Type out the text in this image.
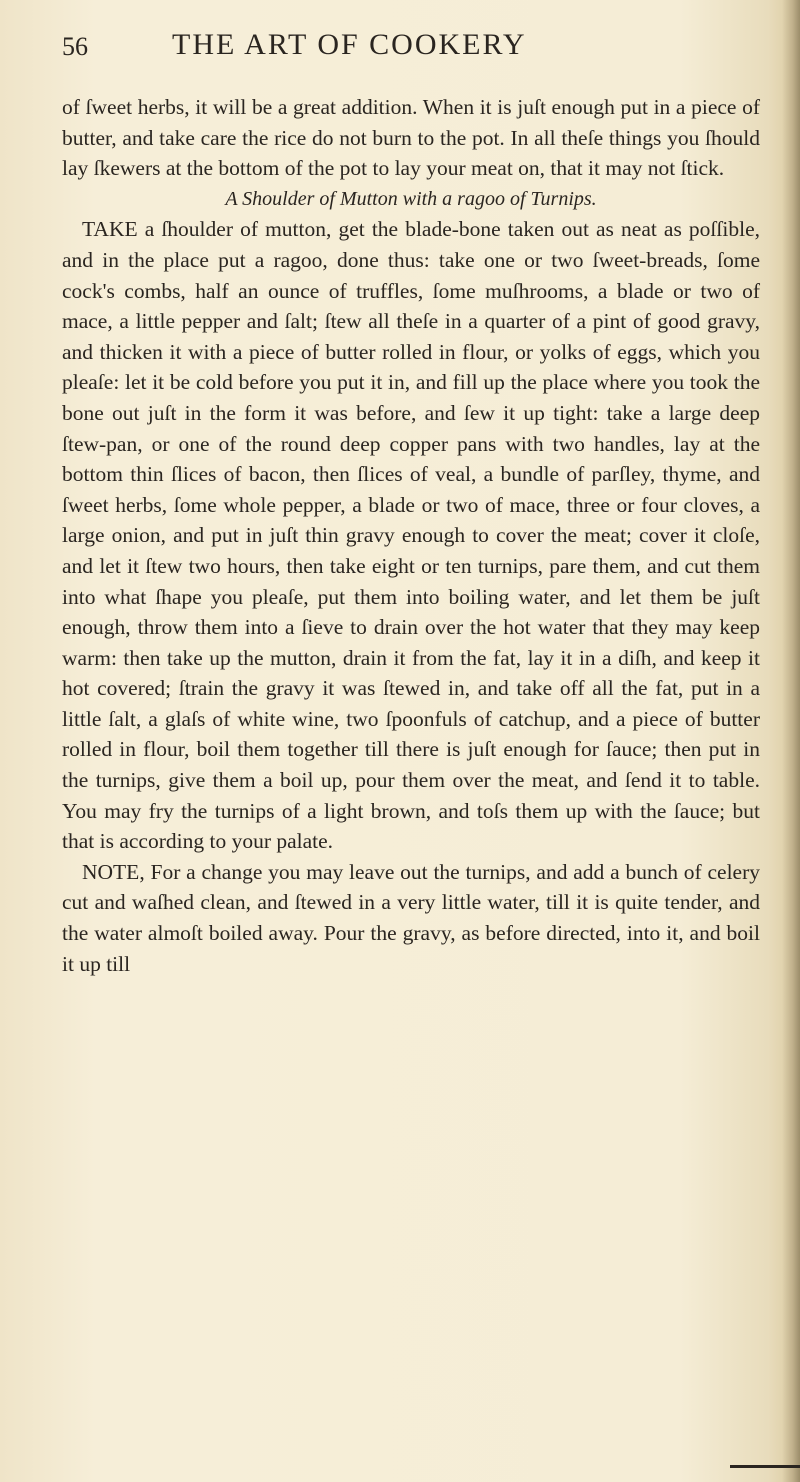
56	THE ART OF COOKERY

of ſweet herbs, it will be a great addition. When it is juſt enough put in a piece of butter, and take care the rice do not burn to the pot. In all theſe things you ſhould lay ſkewers at the bottom of the pot to lay your meat on, that it may not ſtick.

A Shoulder of Mutton with a ragoo of Turnips.

TAKE a ſhoulder of mutton, get the blade-bone taken out as neat as poſſible, and in the place put a ragoo, done thus: take one or two ſweet-breads, ſome cock's combs, half an ounce of truffles, ſome muſhrooms, a blade or two of mace, a little pepper and ſalt; ſtew all theſe in a quarter of a pint of good gravy, and thicken it with a piece of butter rolled in flour, or yolks of eggs, which you pleaſe: let it be cold before you put it in, and fill up the place where you took the bone out juſt in the form it was before, and ſew it up tight: take a large deep ſtew-pan, or one of the round deep copper pans with two handles, lay at the bottom thin ſlices of bacon, then ſlices of veal, a bundle of parſley, thyme, and ſweet herbs, ſome whole pepper, a blade or two of mace, three or four cloves, a large onion, and put in juſt thin gravy enough to cover the meat; cover it cloſe, and let it ſtew two hours, then take eight or ten turnips, pare them, and cut them into what ſhape you pleaſe, put them into boiling water, and let them be juſt enough, throw them into a ſieve to drain over the hot water that they may keep warm: then take up the mutton, drain it from the fat, lay it in a diſh, and keep it hot covered; ſtrain the gravy it was ſtewed in, and take off all the fat, put in a little ſalt, a glaſs of white wine, two ſpoonfuls of catchup, and a piece of butter rolled in flour, boil them together till there is juſt enough for ſauce; then put in the turnips, give them a boil up, pour them over the meat, and ſend it to table. You may fry the turnips of a light brown, and toſs them up with the ſauce; but that is according to your palate.

NOTE, For a change you may leave out the turnips, and add a bunch of celery cut and waſhed clean, and ſtewed in a very little water, till it is quite tender, and the water almoſt boiled away. Pour the gravy, as before directed, into it, and boil it up till
